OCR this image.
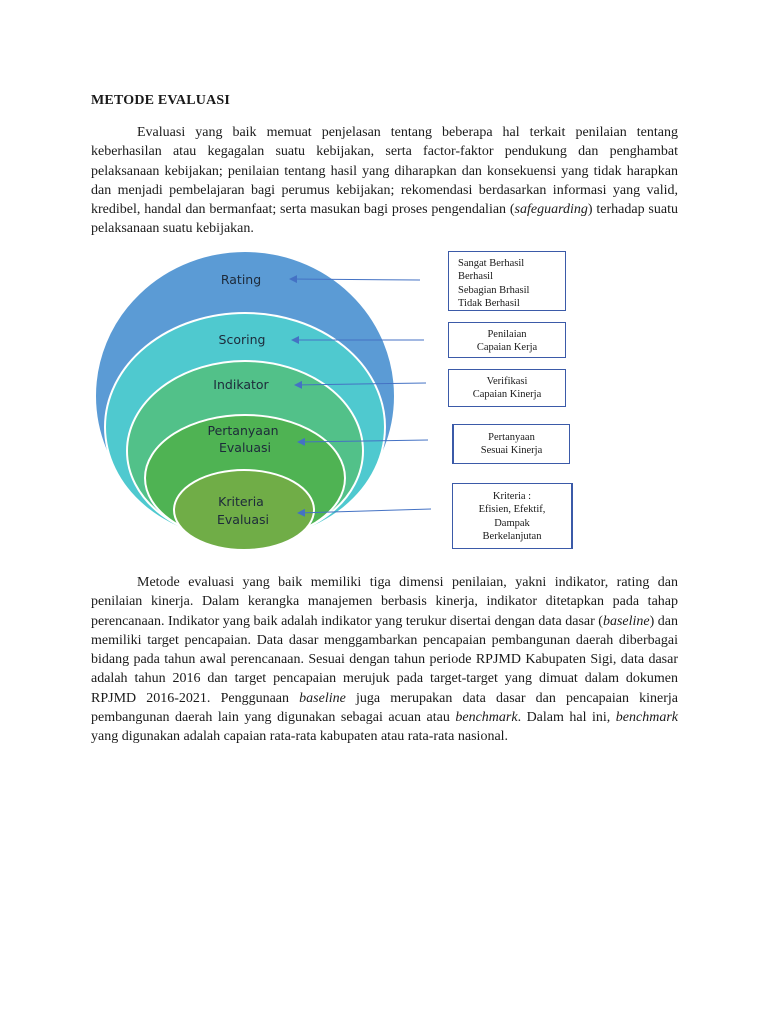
METODE EVALUASI

Evaluasi yang baik memuat penjelasan tentang beberapa hal terkait penilaian tentang keberhasilan atau kegagalan suatu kebijakan, serta factor-faktor pendukung dan penghambat pelaksanaan kebijakan; penilaian tentang hasil yang diharapkan dan konsekuensi yang tidak harapkan dan menjadi pembelajaran bagi perumus kebijakan; rekomendasi berdasarkan informasi yang valid, kredibel, handal dan bermanfaat; serta masukan bagi proses pengendalian (safeguarding) terhadap suatu pelaksanaan suatu kebijakan.

Rating
Scoring
Indikator
Pertanyaan Evaluasi
Kriteria Evaluasi
Sangat Berhasil
Berhasil
Sebagian Brhasil
Tidak Berhasil
Penilaian
Capaian Kerja
Verifikasi
Capaian Kinerja
Pertanyaan
Sesuai Kinerja
Kriteria :
Efisien, Efektif,
Dampak
Berkelanjutan

Metode evaluasi yang baik memiliki tiga dimensi penilaian, yakni indikator, rating dan penilaian kinerja. Dalam kerangka manajemen berbasis kinerja, indikator ditetapkan pada tahap perencanaan. Indikator yang baik adalah indikator yang terukur disertai dengan data dasar (baseline) dan memiliki target pencapaian. Data dasar menggambarkan pencapaian pembangunan daerah diberbagai bidang pada tahun awal perencanaan. Sesuai dengan tahun periode RPJMD Kabupaten Sigi, data dasar adalah tahun 2016 dan target pencapaian merujuk pada target-target yang dimuat dalam dokumen RPJMD 2016-2021. Penggunaan baseline juga merupakan data dasar dan pencapaian kinerja pembangunan daerah lain yang digunakan sebagai acuan atau benchmark. Dalam hal ini, benchmark yang digunakan adalah capaian rata-rata kabupaten atau rata-rata nasional.
